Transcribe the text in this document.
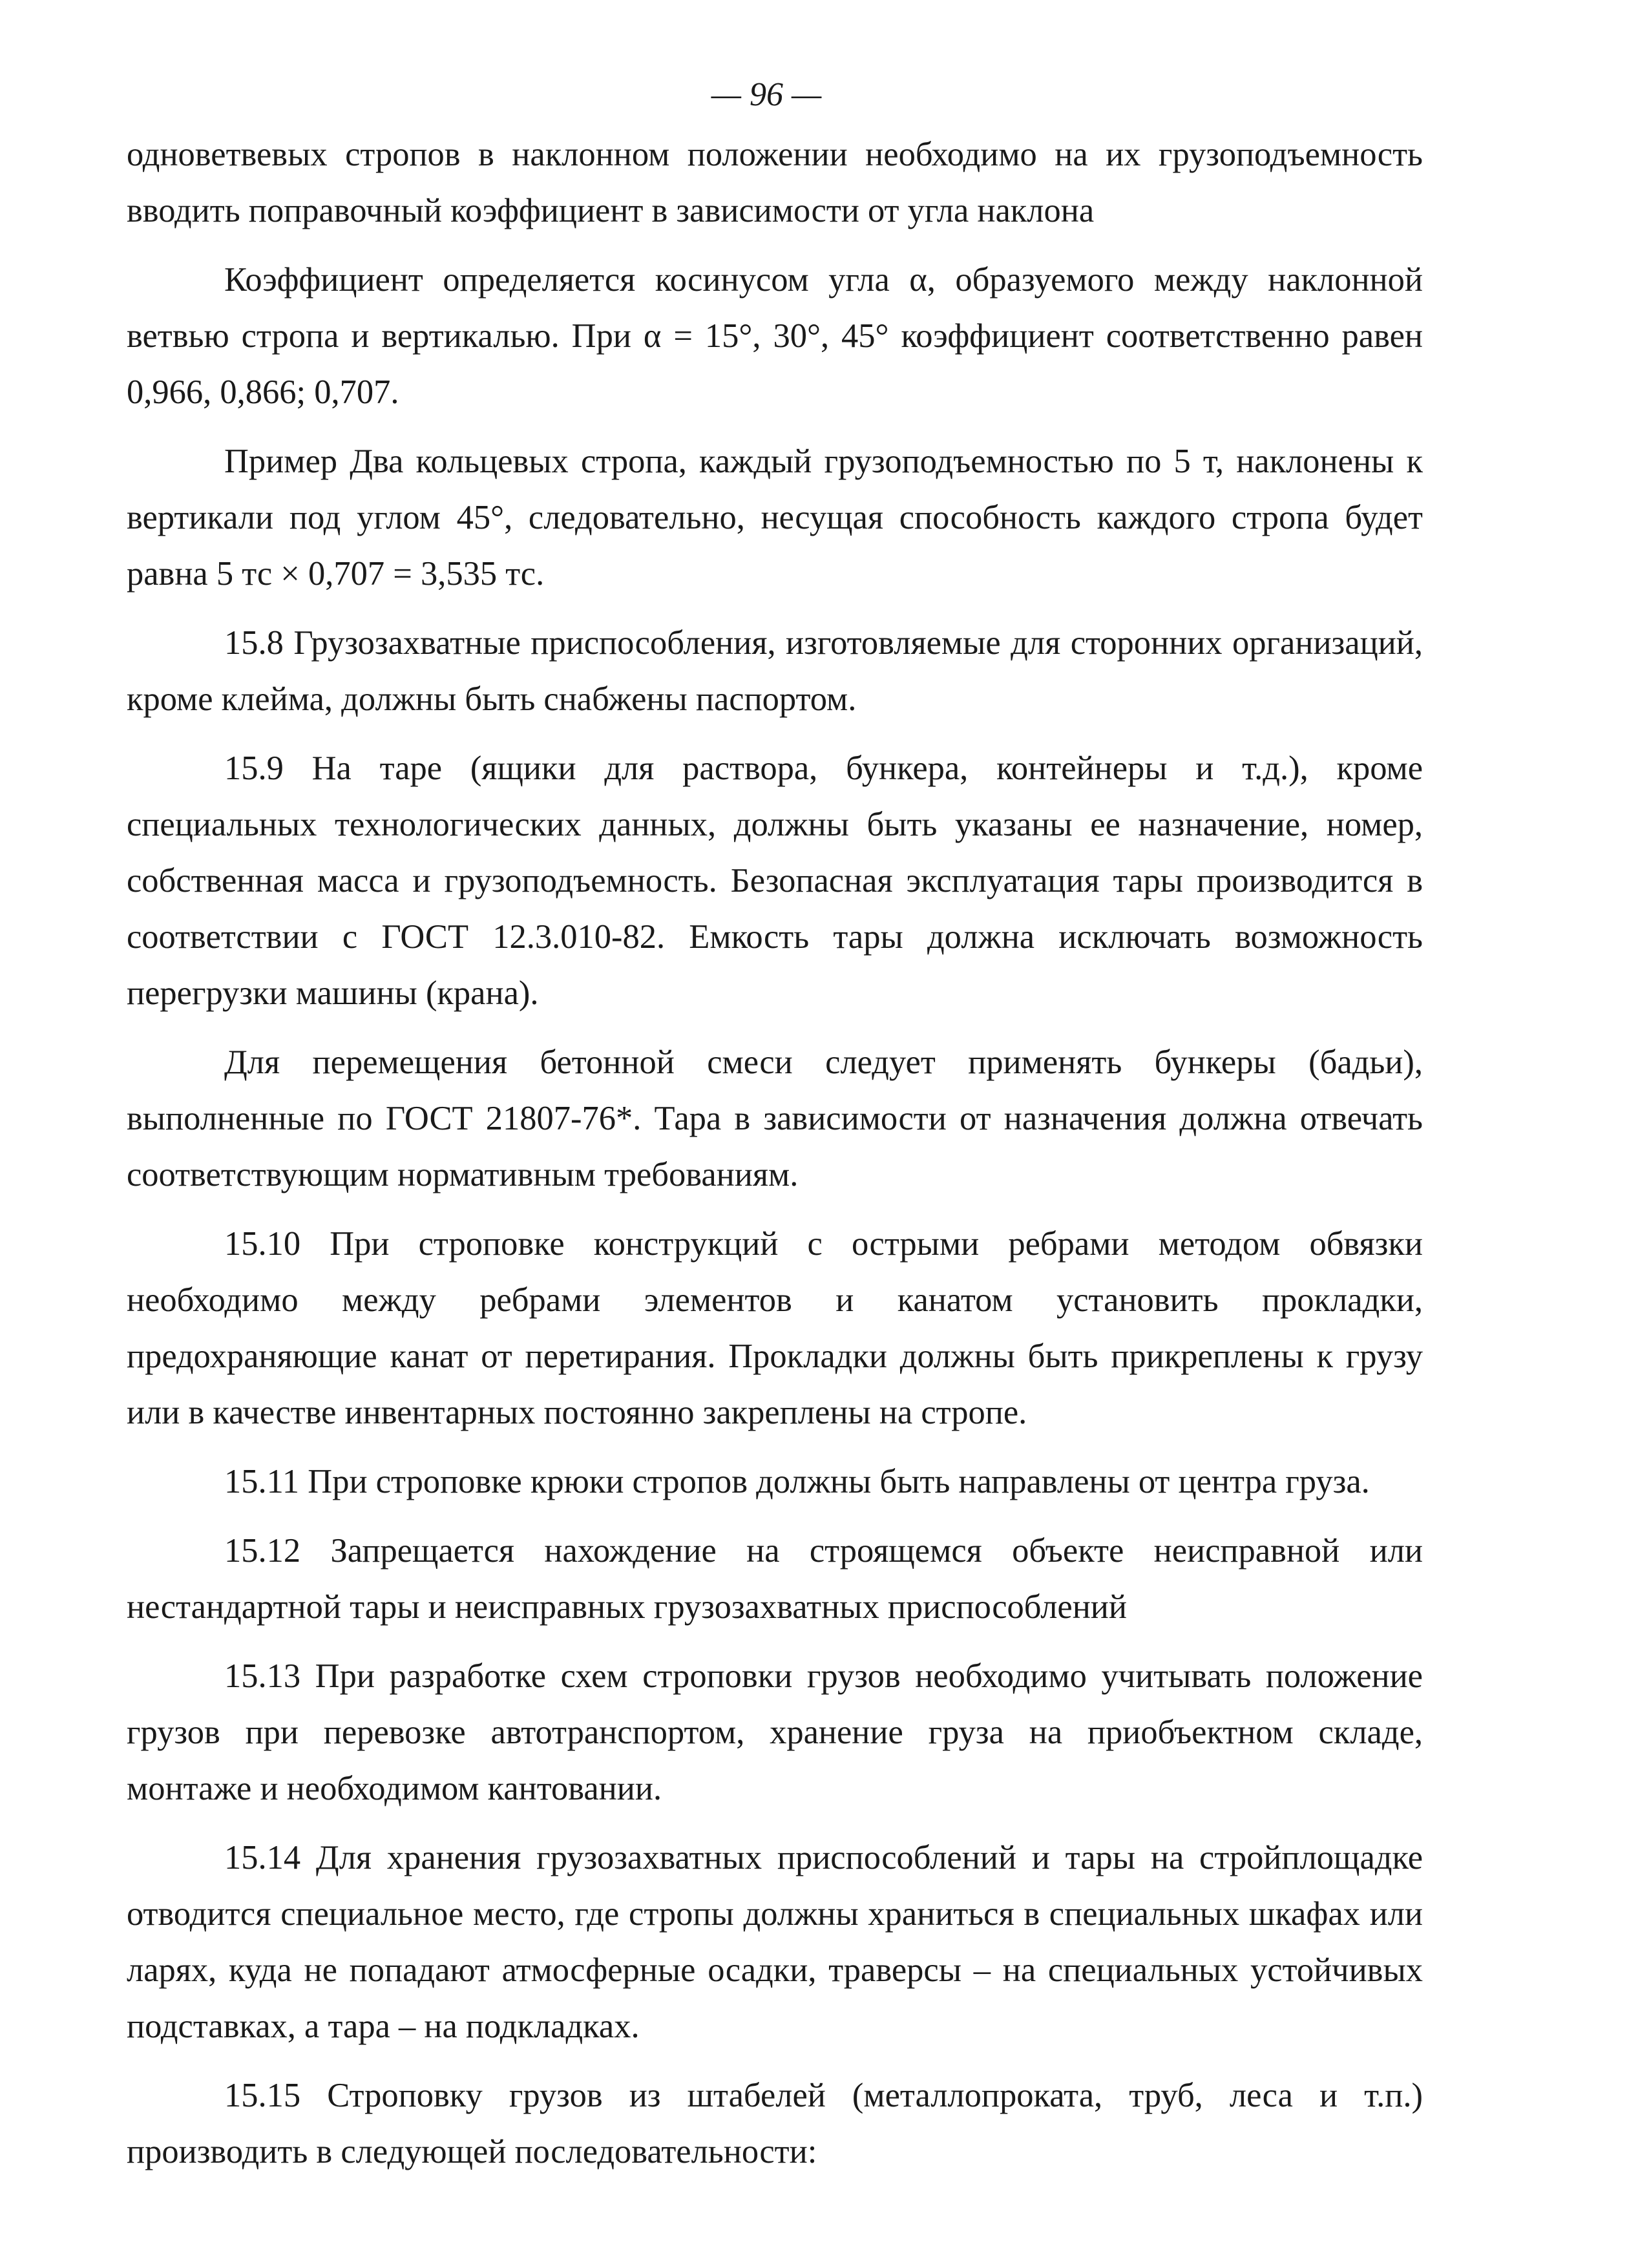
— 96 —

одноветвевых стропов в наклонном положении необходимо на их грузоподъемность вводить поправочный коэффициент в зависимости от угла наклона

Коэффициент определяется косинусом угла α, образуемого между наклонной ветвью стропа и вертикалью. При α = 15°, 30°, 45° коэффициент соответственно равен 0,966, 0,866; 0,707.

Пример Два кольцевых стропа, каждый грузоподъемностью по 5 т, наклонены к вертикали под углом 45°, следовательно, несущая способность каждого стропа будет равна 5 тс × 0,707 = 3,535 тс.

15.8 Грузозахватные приспособления, изготовляемые для сторонних организаций, кроме клейма, должны быть снабжены паспортом.

15.9 На таре (ящики для раствора, бункера, контейнеры и т.д.), кроме специальных технологических данных, должны быть указаны ее назначение, номер, собственная масса и грузоподъемность. Безопасная эксплуатация тары производится в соответствии с ГОСТ 12.3.010-82. Емкость тары должна исключать возможность перегрузки машины (крана).

Для перемещения бетонной смеси следует применять бункеры (бадьи), выполненные по ГОСТ 21807-76*. Тара в зависимости от назначения должна отвечать соответствующим нормативным требованиям.

15.10 При строповке конструкций с острыми ребрами методом обвязки необходимо между ребрами элементов и канатом установить прокладки, предохраняющие канат от перетирания. Прокладки должны быть прикреплены к грузу или в качестве инвентарных постоянно закреплены на стропе.

15.11 При строповке крюки стропов должны быть направлены от центра груза.

15.12 Запрещается нахождение на строящемся объекте неисправной или нестандартной тары и неисправных грузозахватных приспособлений

15.13 При разработке схем строповки грузов необходимо учитывать положение грузов при перевозке автотранспортом, хранение груза на приобъектном складе, монтаже и необходимом кантовании.

15.14 Для хранения грузозахватных приспособлений и тары на стройплощадке отводится специальное место, где стропы должны храниться в специальных шкафах или ларях, куда не попадают атмосферные осадки, траверсы – на специальных устойчивых подставках, а тара – на подкладках.

15.15 Строповку грузов из штабелей (металлопроката, труб, леса и т.п.) производить в следующей последовательности:
